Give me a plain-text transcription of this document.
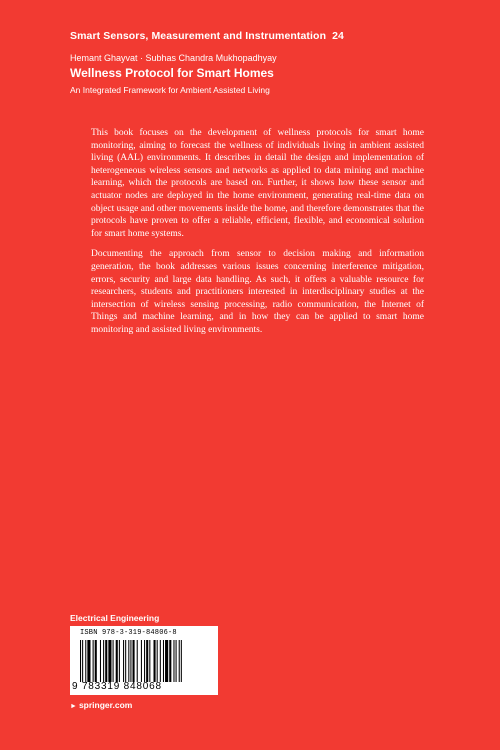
Smart Sensors, Measurement and Instrumentation 24
Hemant Ghayvat · Subhas Chandra Mukhopadhyay
Wellness Protocol for Smart Homes
An Integrated Framework for Ambient Assisted Living

This book focuses on the development of wellness protocols for smart home monitoring, aiming to forecast the wellness of individuals living in ambient assisted living (AAL) environments. It describes in detail the design and implementation of heterogeneous wireless sensors and networks as applied to data mining and machine learning, which the protocols are based on. Further, it shows how these sensor and actuator nodes are deployed in the home environment, generating real-time data on object usage and other movements inside the home, and therefore demonstrates that the protocols have proven to offer a reliable, efficient, flexible, and economical solution for smart home systems.

Documenting the approach from sensor to decision making and information generation, the book addresses various issues concerning interference mitigation, errors, security and large data handling. As such, it offers a valuable resource for researchers, students and practitioners interested in interdisciplinary studies at the intersection of wireless sensing processing, radio communication, the Internet of Things and machine learning, and in how they can be applied to smart home monitoring and assisted living environments.

Electrical Engineering
ISBN 978-3-319-84806-8
9 783319 848068
► springer.com
